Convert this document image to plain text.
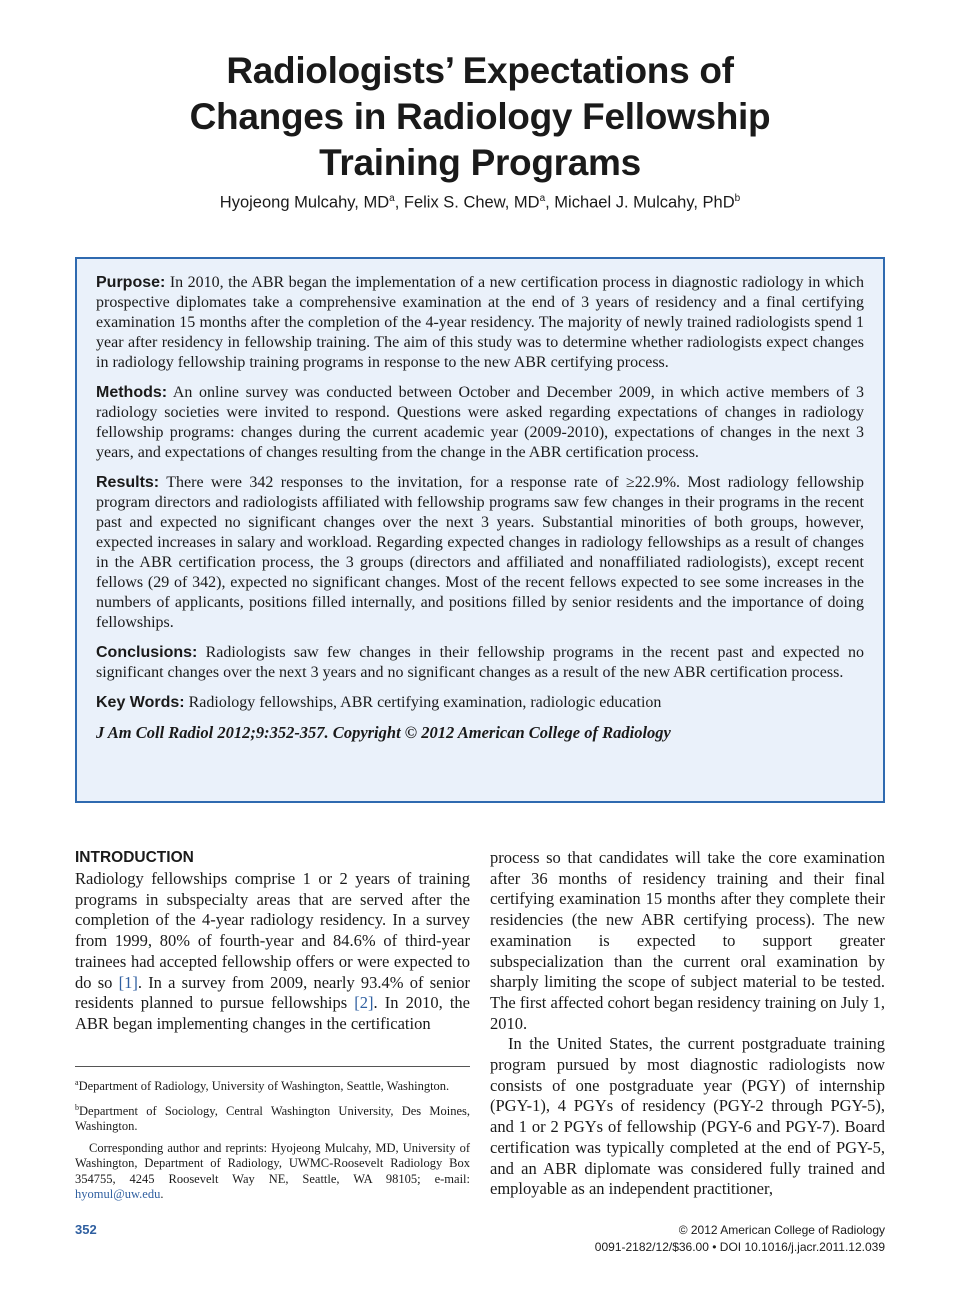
Radiologists’ Expectations of
Changes in Radiology Fellowship
Training Programs
Hyojeong Mulcahy, $MD^a$, Felix S. Chew, $MD^a$, Michael J. Mulcahy, PhD$^b$

Purpose: In 2010, the ABR began the implementation of a new certification process in diagnostic radiology in which prospective diplomates take a comprehensive examination at the end of 3 years of residency and a final certifying examination 15 months after the completion of the 4-year residency. The majority of newly trained radiologists spend 1 year after residency in fellowship training. The aim of this study was to determine whether radiologists expect changes in radiology fellowship training programs in response to the new ABR certifying process.

Methods: An online survey was conducted between October and December 2009, in which active members of 3 radiology societies were invited to respond. Questions were asked regarding expectations of changes in radiology fellowship programs: changes during the current academic year (2009-2010), expectations of changes in the next 3 years, and expectations of changes resulting from the change in the ABR certification process.

Results: There were 342 responses to the invitation, for a response rate of ≥22.9%. Most radiology fellowship program directors and radiologists affiliated with fellowship programs saw few changes in their programs in the recent past and expected no significant changes over the next 3 years. Substantial minorities of both groups, however, expected increases in salary and workload. Regarding expected changes in radiology fellowships as a result of changes in the ABR certification process, the 3 groups (directors and affiliated and nonaffiliated radiologists), except recent fellows (29 of 342), expected no significant changes. Most of the recent fellows expected to see some increases in the numbers of applicants, positions filled internally, and positions filled by senior residents and the importance of doing fellowships.

Conclusions: Radiologists saw few changes in their fellowship programs in the recent past and expected no significant changes over the next 3 years and no significant changes as a result of the new ABR certification process.

Key Words: Radiology fellowships, ABR certifying examination, radiologic education

J Am Coll Radiol 2012;9:352-357. Copyright © 2012 American College of Radiology
INTRODUCTION

Radiology fellowships comprise 1 or 2 years of training programs in subspecialty areas that are served after the completion of the 4-year radiology residency. In a survey from 1999, 80% of fourth-year and 84.6% of third-year trainees had accepted fellowship offers or were expected to do so [1]. In a survey from 2009, nearly 93.4% of senior residents planned to pursue fellowships [2]. In 2010, the ABR began implementing changes in the certification

process so that candidates will take the core examination after 36 months of residency training and their final certifying examination 15 months after they complete their residencies (the new ABR certifying process). The new examination is expected to support greater subspecialization than the current oral examination by sharply limiting the scope of subject material to be tested. The first affected cohort began residency training on July 1, 2010.

In the United States, the current postgraduate training program pursued by most diagnostic radiologists now consists of one postgraduate year (PGY) of internship (PGY-1), 4 PGYs of residency (PGY-2 through PGY-5), and 1 or 2 PGYs of fellowship (PGY-6 and PGY-7). Board certification was typically completed at the end of PGY-5, and an ABR diplomate was considered fully trained and employable as an independent practitioner,

$^a$Department of Radiology, University of Washington, Seattle, Washington.

$^b$Department of Sociology, Central Washington University, Des Moines, Washington.

Corresponding author and reprints: Hyojeong Mulcahy, MD, University of Washington, Department of Radiology, UWMC-Roosevelt Radiology Box 354755, 4245 Roosevelt Way NE, Seattle, WA 98105; e-mail: hyomul@uw.edu.

352	© 2012 American College of Radiology
0091-2182/12/$36.00 • DOI 10.1016/j.jacr.2011.12.039
